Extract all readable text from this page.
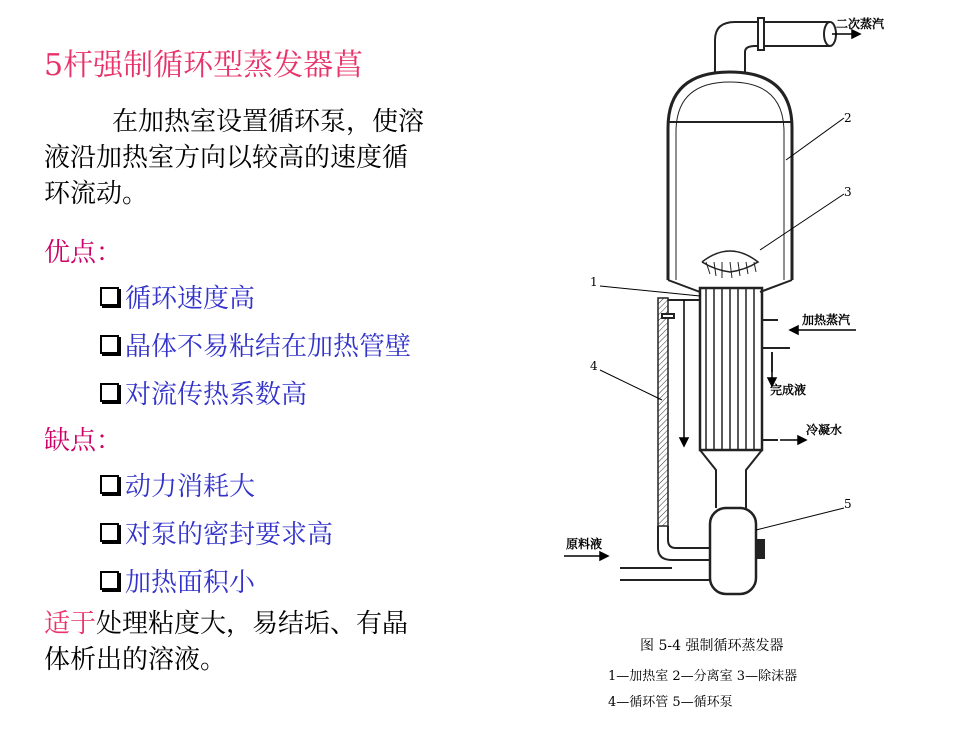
5杆强制循环型蒸发器菖
在加热室设置循环泵，使溶
液沿加热室方向以较高的速度循
环流动。
优点：
循环速度高
晶体不易粘结在加热管壁
对流传热系数高
缺点：
动力消耗大
对泵的密封要求高
加热面积小
适于处理粘度大，易结垢、有晶
体析出的溶液。
二次蒸汽
2
3
1
加热蒸汽
4
完成液
冷凝水
5
原料液
图 5-4 强制循环蒸发器
1—加热室 2—分离室 3—除沫器
4—循环管 5—循环泵
